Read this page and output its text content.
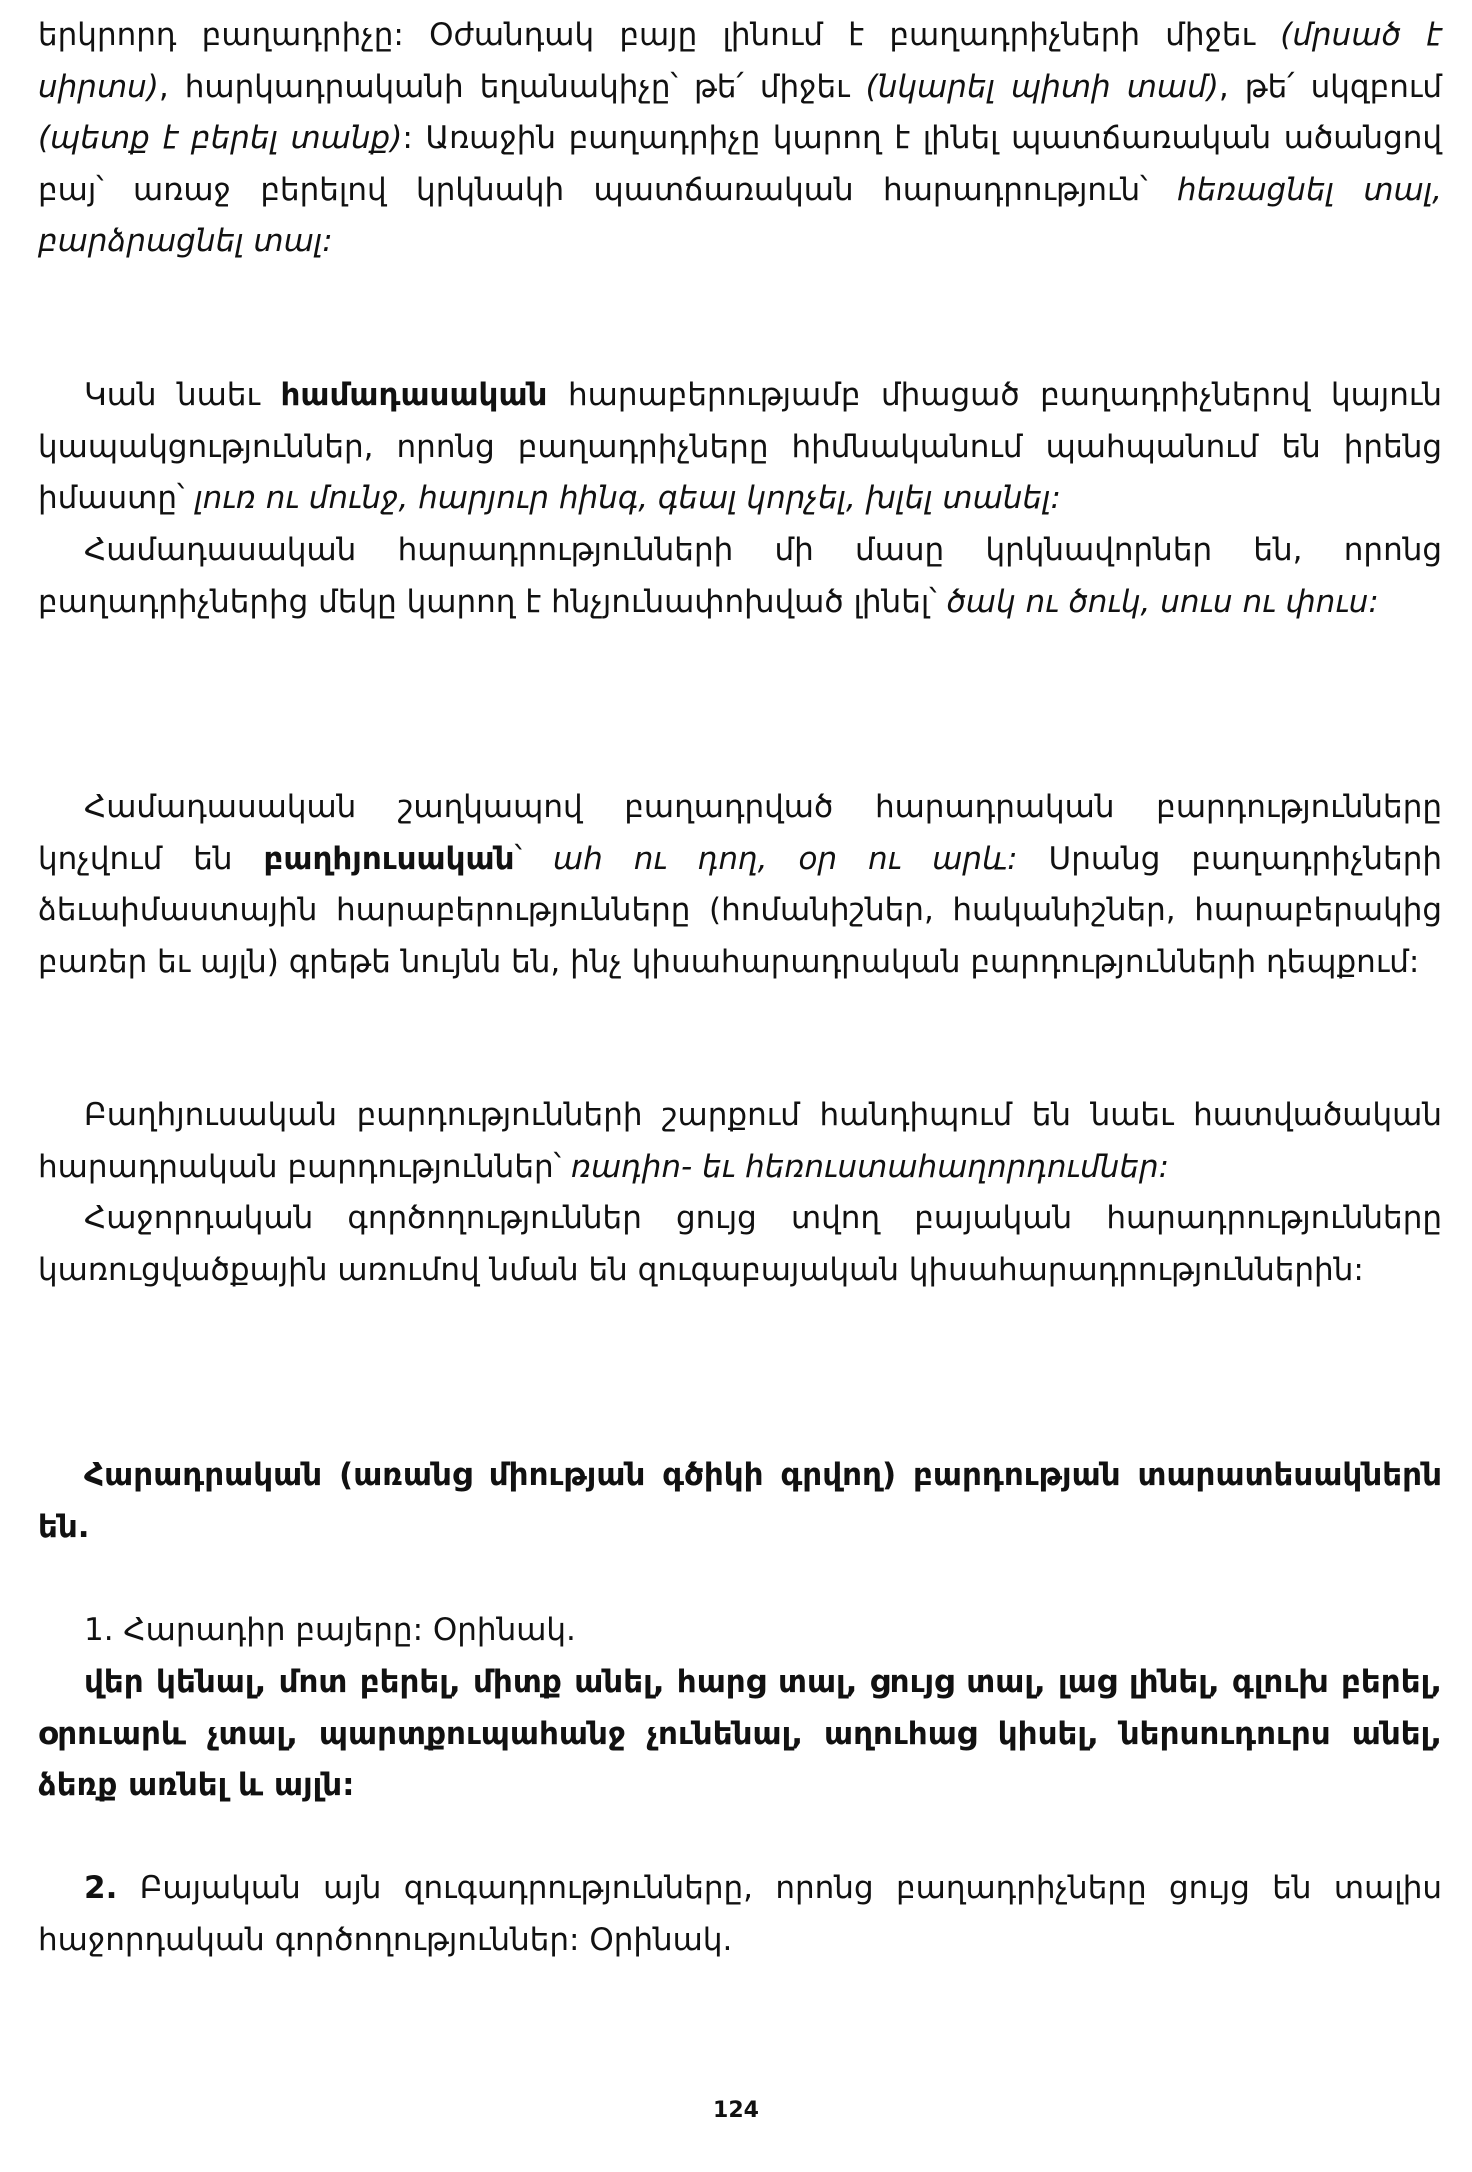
երկրորդ բաղադրիչը: Օժանդակ բայը լինում է բաղադրիչների միջեւ (մրսած է սիրտս), հարկադրականի եղանակիչը՝ թե՛ միջեւ (նկարել պիտի տամ), թե՛ սկզբում (պետք է բերել տանք): Առաջին բաղադրիչը կարող է լինել պատճառական ածանցով բայ՝ առաջ բերելով կրկնակի պատճառական հարադրություն՝ հեռացնել տալ, բարձրացնել տալ:

Կան նաեւ համադասական հարաբերությամբ միացած բաղադրիչներով կայուն կապակցություններ, որոնց բաղադրիչները հիմնականում պահպանում են իրենց իմաստը՝ լուռ ու մունջ, հարյուր հինգ, գեալ կորչել, խլել տանել:

Համադասական հարադրությունների մի մասը կրկնավորներ են, որոնց բաղադրիչներից մեկը կարող է հնչյունափոխված լինել՝ ծակ ու ծուկ, սուս ու փուս:

Համադասական շաղկապով բաղադրված հարադրական բարդությունները կոչվում են բաղհյուսական՝ ահ ու դող, օր ու արև: Սրանց բաղադրիչների ձեւաիմաստային հարաբերությունները (հոմանիշներ, հականիշներ, հարաբերակից բառեր եւ այլն) գրեթե նույնն են, ինչ կիսահարադրական բարդությունների դեպքում:

Բաղհյուսական բարդությունների շարքում հանդիպում են նաեւ հատվածական հարադրական բարդություններ՝ ռադիո- եւ հեռուստահաղորդումներ:

Հաջորդական գործողություններ ցույց տվող բայական հարադրությունները կառուցվածքային առումով նման են զուգաբայական կիսահարադրություններին:

Հարադրական (առանց միության գծիկի գրվող) բարդության տարատեսակներն են.

1. Հարադիր բայերը: Օրինակ.

վեր կենալ, մոտ բերել, միտք անել, հարց տալ, ցույց տալ, լաց լինել, գլուխ բերել, օրուարև չտալ, պարտքուպահանջ չունենալ, աղուհաց կիսել, ներսուդուրս անել, ձեռք առնել և այլն:

2. Բայական այն զուգադրությունները, որոնց բաղադրիչները ցույց են տալիս հաջորդական գործողություններ: Օրինակ.

124
